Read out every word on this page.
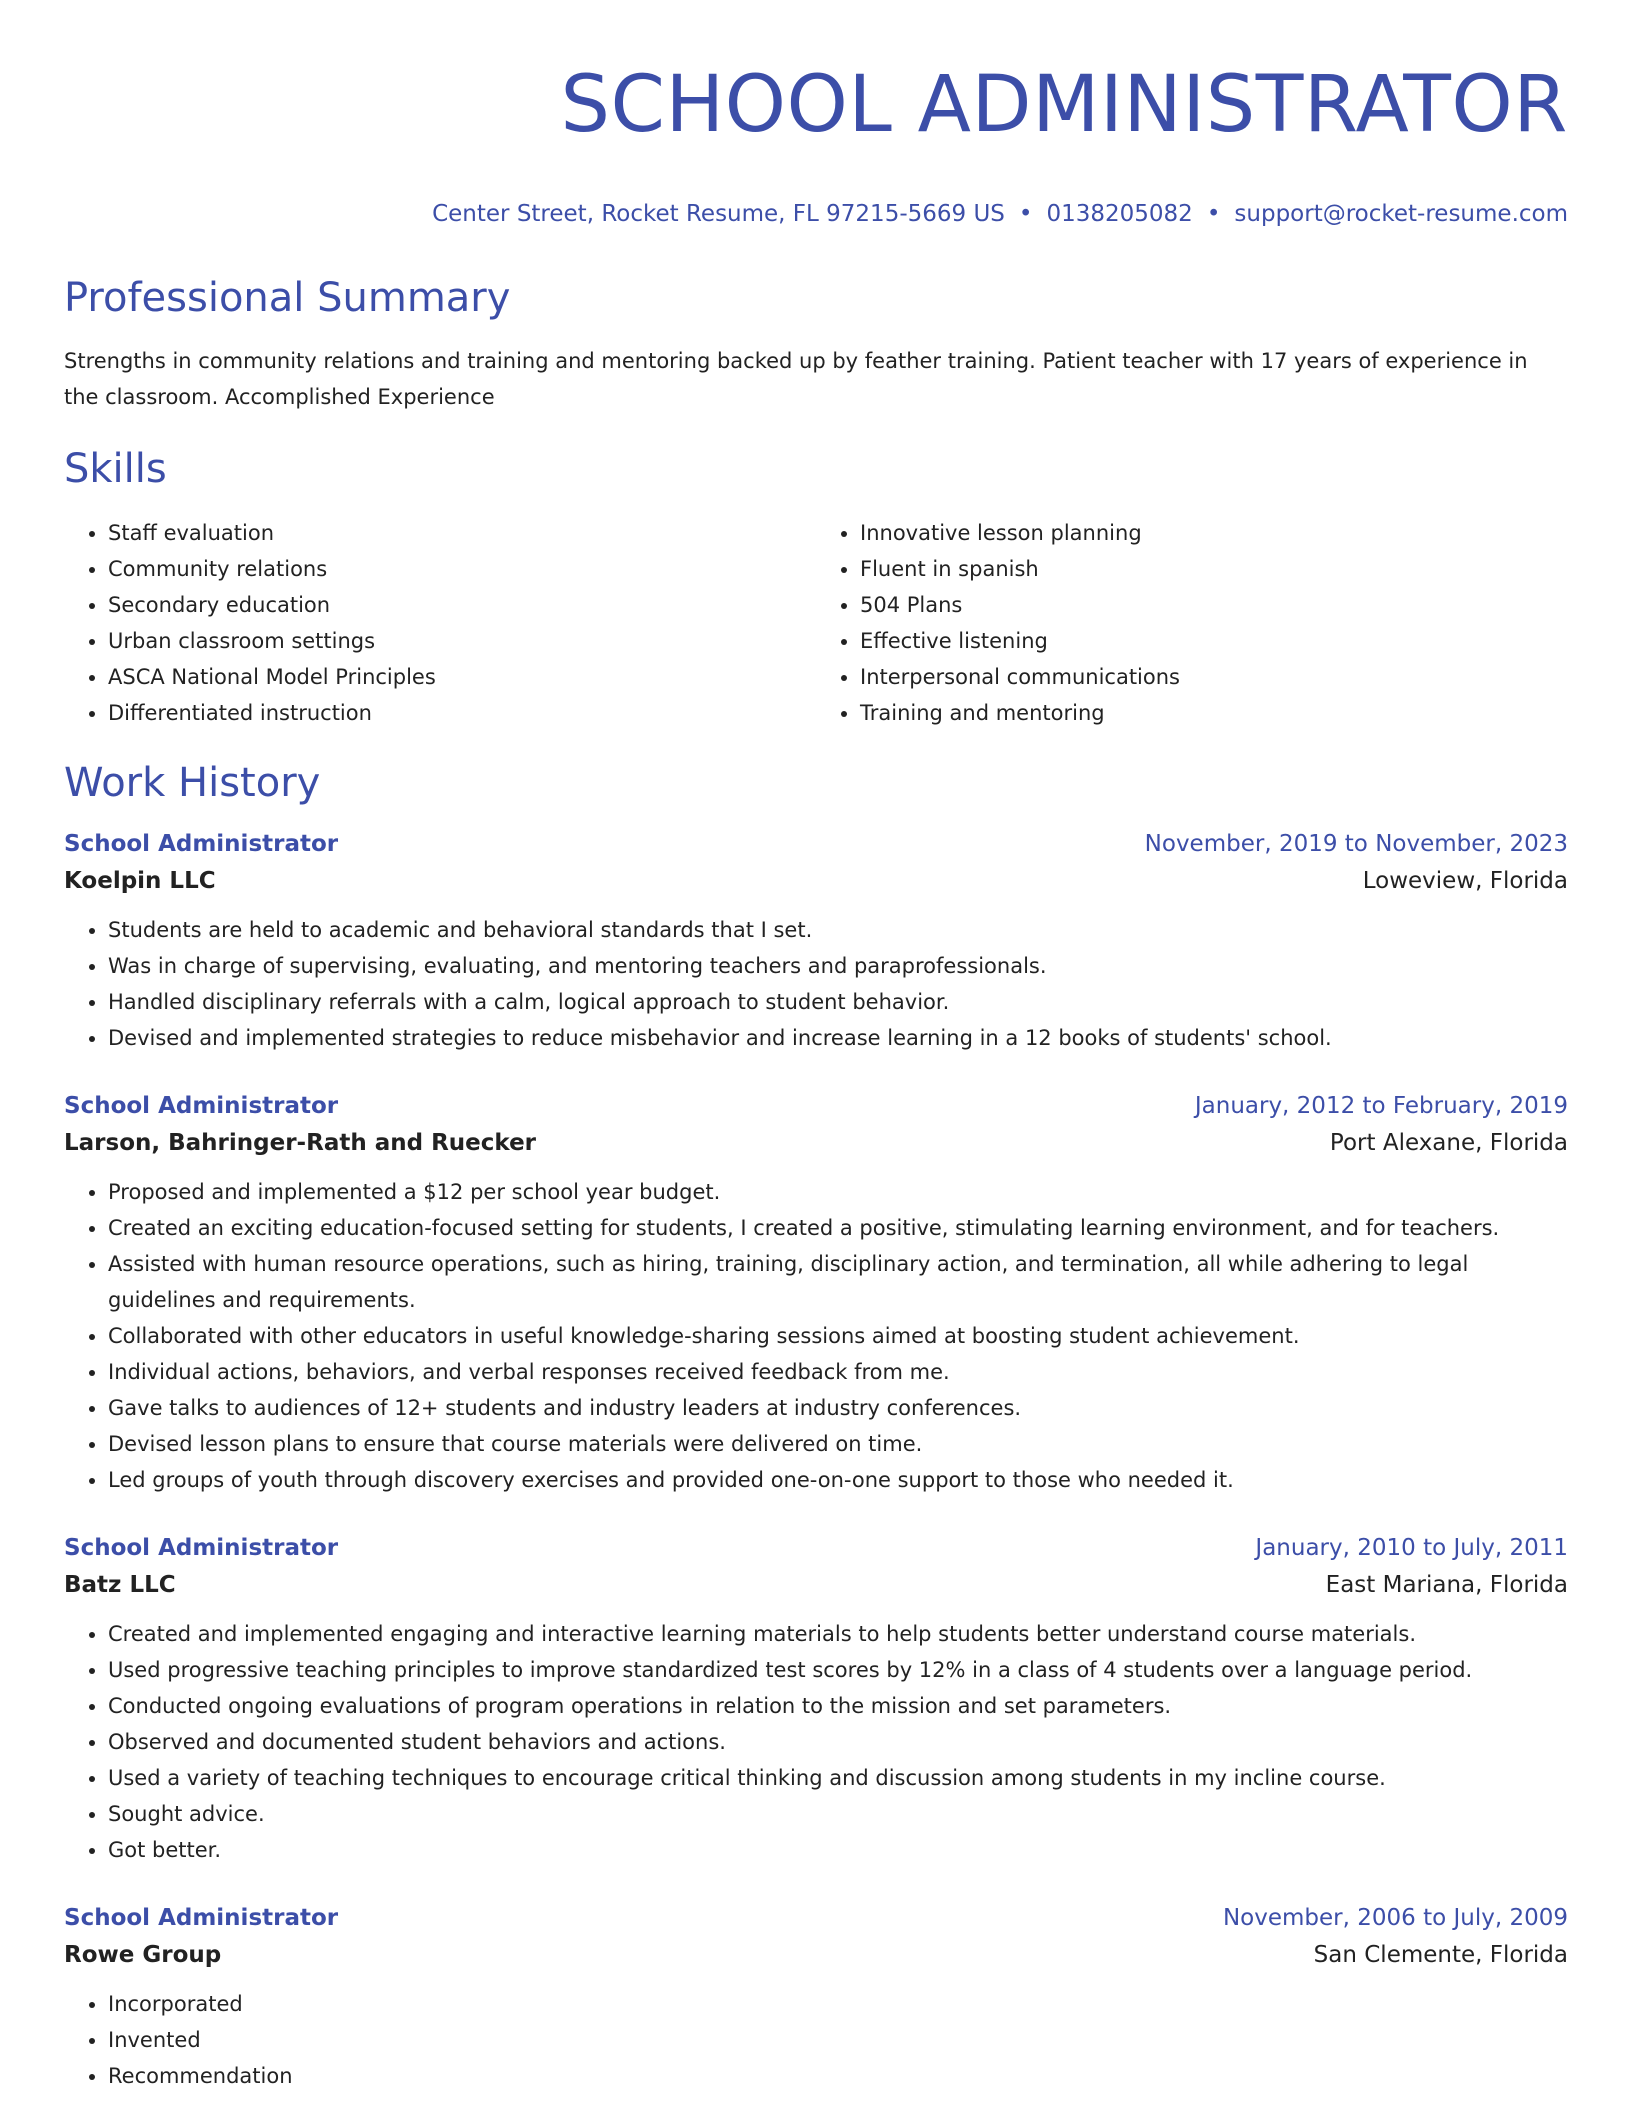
SCHOOL ADMINISTRATOR
Center Street, Rocket Resume, FL 97215-5669 US • 0138205082 • support@rocket-resume.com
Professional Summary
Strengths in community relations and training and mentoring backed up by feather training. Patient teacher with 17 years of experience in the classroom. Accomplished Experience
Skills
• Staff evaluation
• Community relations
• Secondary education
• Urban classroom settings
• ASCA National Model Principles
• Differentiated instruction
• Innovative lesson planning
• Fluent in spanish
• 504 Plans
• Effective listening
• Interpersonal communications
• Training and mentoring
Work History
School Administrator	November, 2019 to November, 2023
Koelpin LLC	Loweview, Florida
• Students are held to academic and behavioral standards that I set.
• Was in charge of supervising, evaluating, and mentoring teachers and paraprofessionals.
• Handled disciplinary referrals with a calm, logical approach to student behavior.
• Devised and implemented strategies to reduce misbehavior and increase learning in a 12 books of students' school.
School Administrator	January, 2012 to February, 2019
Larson, Bahringer-Rath and Ruecker	Port Alexane, Florida
• Proposed and implemented a $12 per school year budget.
• Created an exciting education-focused setting for students, I created a positive, stimulating learning environment, and for teachers.
• Assisted with human resource operations, such as hiring, training, disciplinary action, and termination, all while adhering to legal guidelines and requirements.
• Collaborated with other educators in useful knowledge-sharing sessions aimed at boosting student achievement.
• Individual actions, behaviors, and verbal responses received feedback from me.
• Gave talks to audiences of 12+ students and industry leaders at industry conferences.
• Devised lesson plans to ensure that course materials were delivered on time.
• Led groups of youth through discovery exercises and provided one-on-one support to those who needed it.
School Administrator	January, 2010 to July, 2011
Batz LLC	East Mariana, Florida
• Created and implemented engaging and interactive learning materials to help students better understand course materials.
• Used progressive teaching principles to improve standardized test scores by 12% in a class of 4 students over a language period.
• Conducted ongoing evaluations of program operations in relation to the mission and set parameters.
• Observed and documented student behaviors and actions.
• Used a variety of teaching techniques to encourage critical thinking and discussion among students in my incline course.
• Sought advice.
• Got better.
School Administrator	November, 2006 to July, 2009
Rowe Group	San Clemente, Florida
• Incorporated
• Invented
• Recommendation
